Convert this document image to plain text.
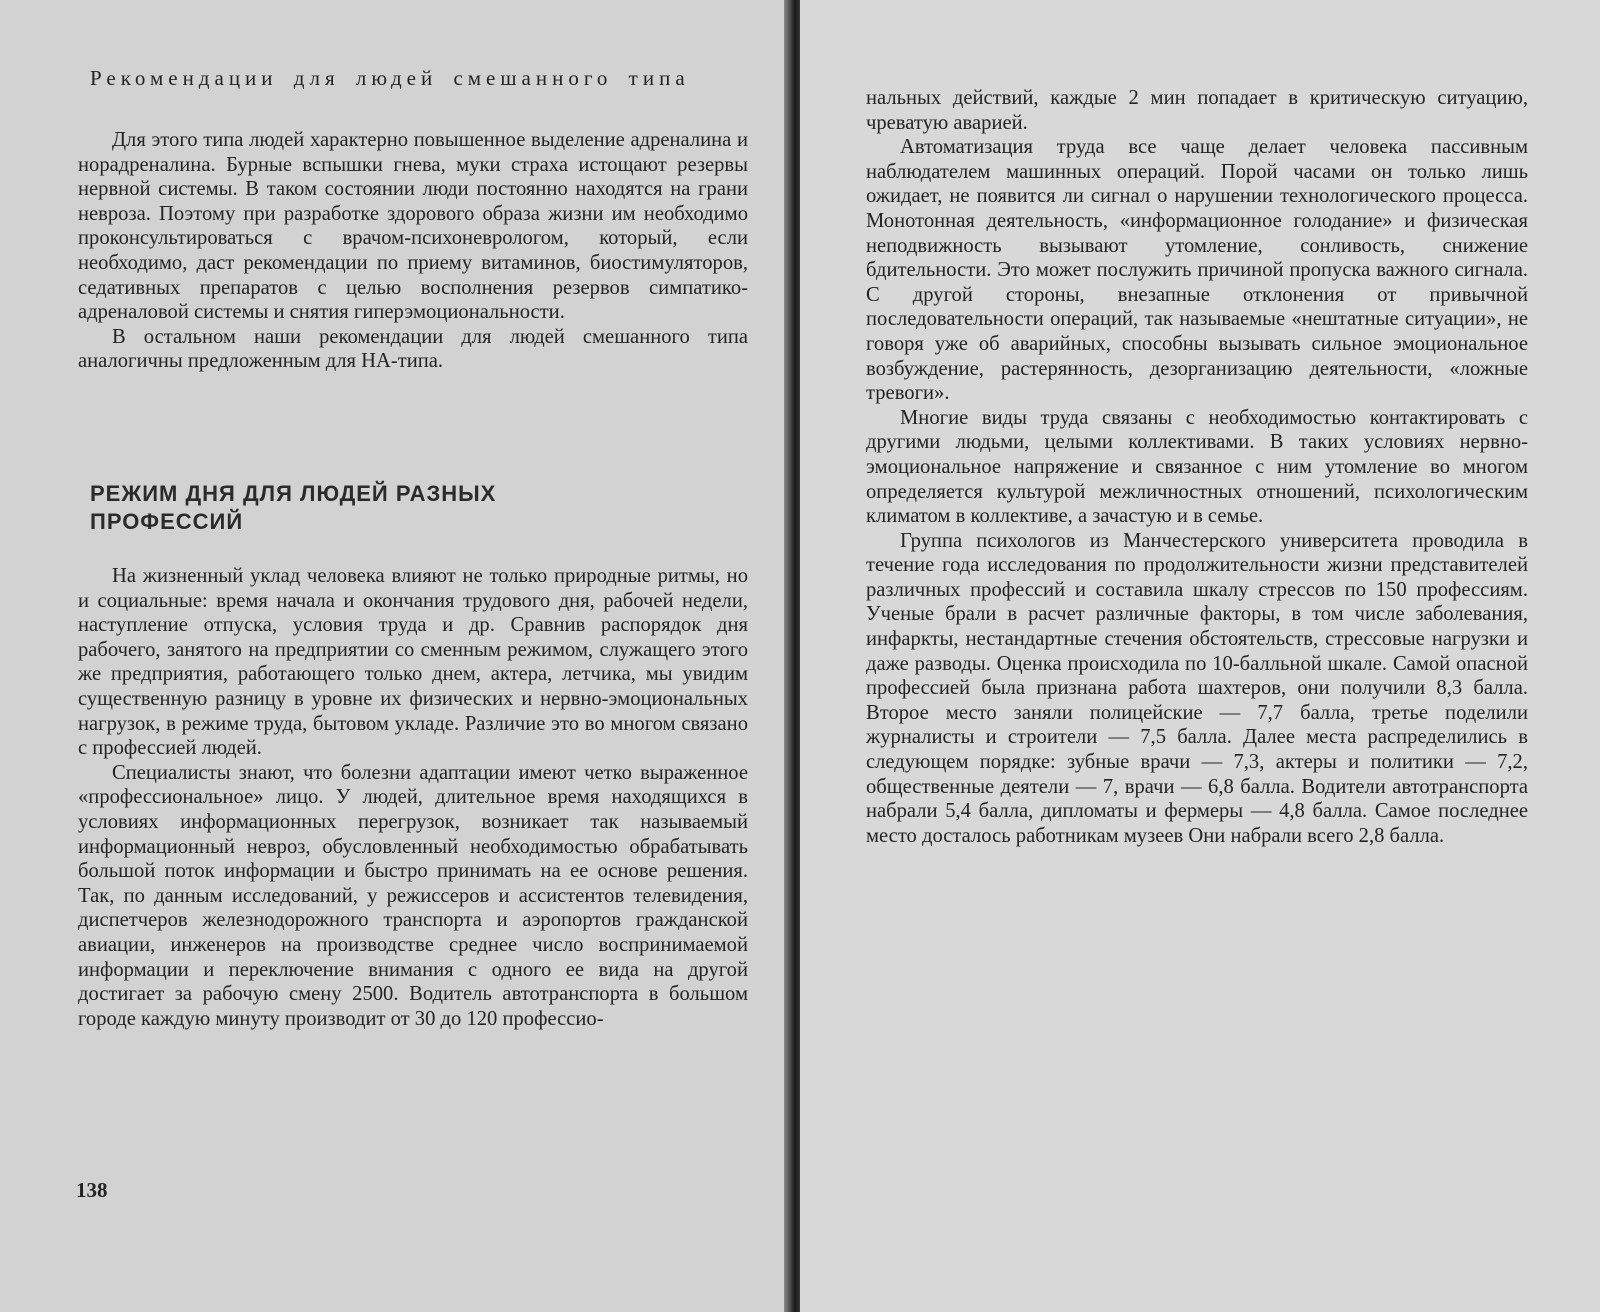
Рекомендации для людей смешанного типа

Для этого типа людей характерно повышенное выделение адреналина и норадреналина. Бурные вспышки гнева, муки страха истощают резервы нервной системы. В таком состоянии люди постоянно находятся на грани невроза. Поэтому при разработке здорового образа жизни им необходимо проконсультироваться с врачом-психоневрологом, который, если необходимо, даст рекомендации по приему витаминов, биостимуляторов, седативных препаратов с целью восполнения резервов симпатико-адреналовой системы и снятия гиперэмоциональности.

В остальном наши рекомендации для людей смешанного типа аналогичны предложенным для НА-типа.

РЕЖИМ ДНЯ ДЛЯ ЛЮДЕЙ РАЗНЫХ ПРОФЕССИЙ

На жизненный уклад человека влияют не только природные ритмы, но и социальные: время начала и окончания трудового дня, рабочей недели, наступление отпуска, условия труда и др. Сравнив распорядок дня рабочего, занятого на предприятии со сменным режимом, служащего этого же предприятия, работающего только днем, актера, летчика, мы увидим существенную разницу в уровне их физических и нервно-эмоциональных нагрузок, в режиме труда, бытовом укладе. Различие это во многом связано с профессией людей.

Специалисты знают, что болезни адаптации имеют четко выраженное «профессиональное» лицо. У людей, длительное время находящихся в условиях информационных перегрузок, возникает так называемый информационный невроз, обусловленный необходимостью обрабатывать большой поток информации и быстро принимать на ее основе решения. Так, по данным исследований, у режиссеров и ассистентов телевидения, диспетчеров железнодорожного транспорта и аэропортов гражданской авиации, инженеров на производстве среднее число воспринимаемой информации и переключение внимания с одного ее вида на другой достигает за рабочую смену 2500. Водитель автотранспорта в большом городе каждую минуту производит от 30 до 120 профессио-

138

нальных действий, каждые 2 мин попадает в критическую ситуацию, чреватую аварией.

Автоматизация труда все чаще делает человека пассивным наблюдателем машинных операций. Порой часами он только лишь ожидает, не появится ли сигнал о нарушении технологического процесса. Монотонная деятельность, «информационное голодание» и физическая неподвижность вызывают утомление, сонливость, снижение бдительности. Это может послужить причиной пропуска важного сигнала. С другой стороны, внезапные отклонения от привычной последовательности операций, так называемые «нештатные ситуации», не говоря уже об аварийных, способны вызывать сильное эмоциональное возбуждение, растерянность, дезорганизацию деятельности, «ложные тревоги».

Многие виды труда связаны с необходимостью контактировать с другими людьми, целыми коллективами. В таких условиях нервно-эмоциональное напряжение и связанное с ним утомление во многом определяется культурой межличностных отношений, психологическим климатом в коллективе, а зачастую и в семье.

Группа психологов из Манчестерского университета проводила в течение года исследования по продолжительности жизни представителей различных профессий и составила шкалу стрессов по 150 профессиям. Ученые брали в расчет различные факторы, в том числе заболевания, инфаркты, нестандартные стечения обстоятельств, стрессовые нагрузки и даже разводы. Оценка происходила по 10-балльной шкале. Самой опасной профессией была признана работа шахтеров, они получили 8,3 балла. Второе место заняли полицейские — 7,7 балла, третье поделили журналисты и строители — 7,5 балла. Далее места распределились в следующем порядке: зубные врачи — 7,3, актеры и политики — 7,2, общественные деятели — 7, врачи — 6,8 балла. Водители автотранспорта набрали 5,4 балла, дипломаты и фермеры — 4,8 балла. Самое последнее место досталось работникам музеев Они набрали всего 2,8 балла.
